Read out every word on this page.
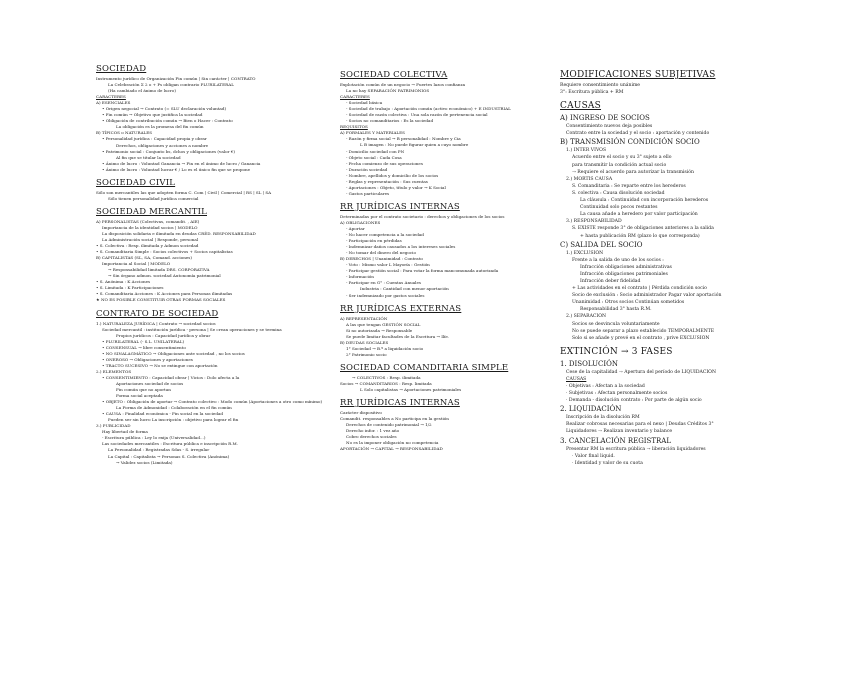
SOCIEDAD
Instrumento jurídico de Organización Fin común | Sin carácter | CONTRATO
La Celebración Σ 2 o + Ps obligan contrario PLURILATERAL
(Ha cambiado el ánimo de lucro)
CARACTERES
A) ESENCIALES
• Origen negocial → Contrato (= SLU declaración voluntad)
• Fin común → Objetivo que justifica la sociedad
• Obligación de contribución común → Bien o Hacer : Contrato
La obligación es la promesa del fin común
B) TÍPICOS o NATURALES
• Personalidad jurídica : Capacidad propia y obrar
Derechos, obligaciones y acciones a nombre
• Patrimonio social : Conjunto bs, dchos y obligaciones (valor €)
Al fin que se titular la sociedad
• Ánimo de lucro : Voluntad Ganancia → Fin en el ánimo de lucro / Ganancia
• Ánimo de lucro : Voluntad lucrar € / Lo es el único fin que se propone
SOCIEDAD CIVIL
Sólo son mercantiles las que adopten forma C. Com | Civil | Comercial | RS | SL | SA
Sólo tienen personalidad jurídica comercial
SOCIEDAD MERCANTIL
A) PERSONALISTAS (Colectivas, comandit. , AIE)
Importancia de la identidad socios | MODELO
La disposición solidaria e ilimitada en deudas CRÉD. RESPONSABILIDAD
La Administración social | Responde, personal
• S. Colectiva : Resp. ilimitada y Admon sociedad
• S. Comanditaria Simple : Socios colectivos + Socios capitalistas
B) CAPITALISTAS (SL, SA, Comand. acciones)
Importancia al Social | MODELO
→ Responsabilidad limitada DRS. CORPORATIVA
→ Sin órgano admon. sociedad Autonomía patrimonial
• S. Anónima : K Acciones
• S. Limitada : K Participaciones
• S. Comanditaria Acciones : K Acciones para Personas ilimitadas
★ NO ES POSIBLE CONSTITUIR OTRAS FORMAS SOCIALES
CONTRATO DE SOCIEDAD
1.) NATURALEZA JURÍDICA | Contrato → sociedad socios
Sociedad mercantil : institución jurídica - persona | Se crean operaciones y se termina
Propios jurídicos : Capacidad jurídica y obrar
• PLURILATERAL (- S.L. UNILATERAL)
• CONSENSUAL → libre consentimiento
• NO SINALAGMÁTICO → Obligaciones ante sociedad , no los socios
• ONEROSO → Obligaciones y aportaciones
• TRACTO SUCESIVO → No se extingue con aportación
2.) ELEMENTOS
• CONSENTIMIENTO : Capacidad obrar | Vicios : Dolo afecta a la
Aportaciones sociedad de socios
Fin común que no aportan
Forma social aceptada
• OBJETO : Obligación de aportar → Contrato colectivo : Modo común (Aportaciones a otro como mínimo)
La Forma de Admonidad : Colaboración en el fin común
• CAUSA : Finalidad económica - Fin social en la sociedad
Pueden ser sin lucro La inscripción : objetivo para lograr el fin
3.) PUBLICIDAD
Hay libertad de forma
- Escritura pública : Ley lo exija (Universalidad...)
Las sociedades mercantiles : Escritura pública e inscripción R.M.
La Personalidad : Registradas Sdas - S. irregular
La Capital : Capitalista → Personas S. Colectiva (Anónima)
→ Validez socios (Limitada)
SOCIEDAD COLECTIVA
Explotación común de un negocio → Fuertes lazos confianza
La no hay SEPARACIÓN PATRIMONIOS
CARACTERES
- Sociedad básica
- Sociedad de trabajo : Aportación común (activo económico) + E INDUSTRIAL
- Sociedad de razón colectiva : Una sola razón de pertenencia social
- Socios no comanditarios : Es la sociedad
REQUISITOS
A) FORMALES Y MATERIALES
- Razón y firma social → B personalidad : Nombre y Cia
L B imagen : No puede figurar quien a cuyo nombre
- Domicilio sociedad con PN
- Objeto social : Cada Cosa
- Fecha comienzo de sus operaciones
- Duración sociedad
- Nombre, apellidos y domicilio de los socios
- Reglas y representación : Sus cuentas
- Aportaciones : Objeto, título y valor → K Social
- Gastos particulares
RR JURÍDICAS INTERNAS
Determinadas por el contrato societario : derechos y obligaciones de los socios
A) OBLIGACIONES
- Aportar
- No hacer competencia a la sociedad
- Participación en pérdidas
- Indemnizar daños causados a los intereses sociales
- No tomar del dinero del negocio
B) DERECHOS | Unanimidad : Contrato
- Voto : Mismo valor L Mayoría : Gestión
- Participar gestión social : Para votar la forma mancomunada autorizada
- Información
- Participar en G° : Cuentas Anuales
Industria : Cantidad con menor aportación
- Ser indemnizado por gastos sociales
RR JURÍDICAS EXTERNAS
A) REPRESENTACIÓN
A las que tengan GESTIÓN SOCIAL
Si no autorizada → Responsable
Se puede limitar facultades de la Escritura → Ilíe.
B) DEUDAS SOCIALES
1° Sociedad → B.º a liquidación socio
2° Patrimonio socio
SOCIEDAD COMANDITARIA SIMPLE
→ COLECTIVOS : Resp. ilimitada
Socios → COMANDITARIOS : Resp. limitada
L Solo capitalistas → Aportaciones patrimoniales
RR JURÍDICAS INTERNAS
Carácter dispositivo
Comandit. responsables a No participa en la gestión
Derechos de contenido patrimonial → 1/2
Derecho infor. : 1 vez año
Cobro derechos sociales
No es la imponer obligación no competencia
APORTACIÓN → CAPITAL → RESPONSABILIDAD
MODIFICACIONES SUBJETIVAS
Requiere consentimiento unánime
3°: Escritura pública + RM
CAUSAS
A) INGRESO DE SOCIOS
Consentimiento nuevos deja posibles
Contrato entre la sociedad y el socio : aportación y contenido
B) TRANSMISIÓN CONDICIÓN SOCIO
1.) INTER VIVOS
Acuerdo entre el socio y su 3° sujeto a ello
para transmitir la condición actual socio
→ Requiere el acuerdo para autorizar la transmisión
2.) MORTIS CAUSA
S. Comanditaria : Se reparte entre los herederos
S. colectiva : Causa disolución sociedad
La cláusula : Continuidad con incorporación herederos
Continuidad solo pocos restantes
La causa añade a heredero por valor participación
3.) RESPONSABILIDAD
S. EXISTE responde 3° de obligaciones anteriores a la salida
+ hasta publicación RM (plazo lo que corresponda)
C) SALIDA DEL SOCIO
1.) EXCLUSIÓN
Frente a la salida de uno de los socios :
Infracción obligaciones administrativas
Infracción obligaciones patrimoniales
Infracción deber fidelidad
+ Las actividades en el contrato | Pérdida condición socio
Socio de exclusión : Socio administrador Pagar valor aportación
Unanimidad : Otros socios Continúan sometidos
Responsabilidad 3° hasta R.M.
2.) SEPARACIÓN
Socios se desvincula voluntariamente
No se puede separar a plazo establecido TEMPORALMENTE
Solo si se añade y prevé en el contrato , prive EXCLUSIÓN
EXTINCIÓN → 3 FASES
1. DISOLUCIÓN
Cese de la capitalidad → Apertura del período de LIQUIDACIÓN
CAUSAS
· Objetivas : Afectan a la sociedad
· Subjetivas : Afectan personalmente socios
· Demanda - disolución contrato : Por parte de algún socio
2. LIQUIDACIÓN
Inscripción de la disolución RM
Realizar cobrosas necesarias para el nexo | Deudas Créditos 3°
Liquidadores → Realizan inventario y balance
3. CANCELACIÓN REGISTRAL
Presentar RM la escritura pública → liberación liquidadores
· Valor final liquid.
· Identidad y valor de su cuota
